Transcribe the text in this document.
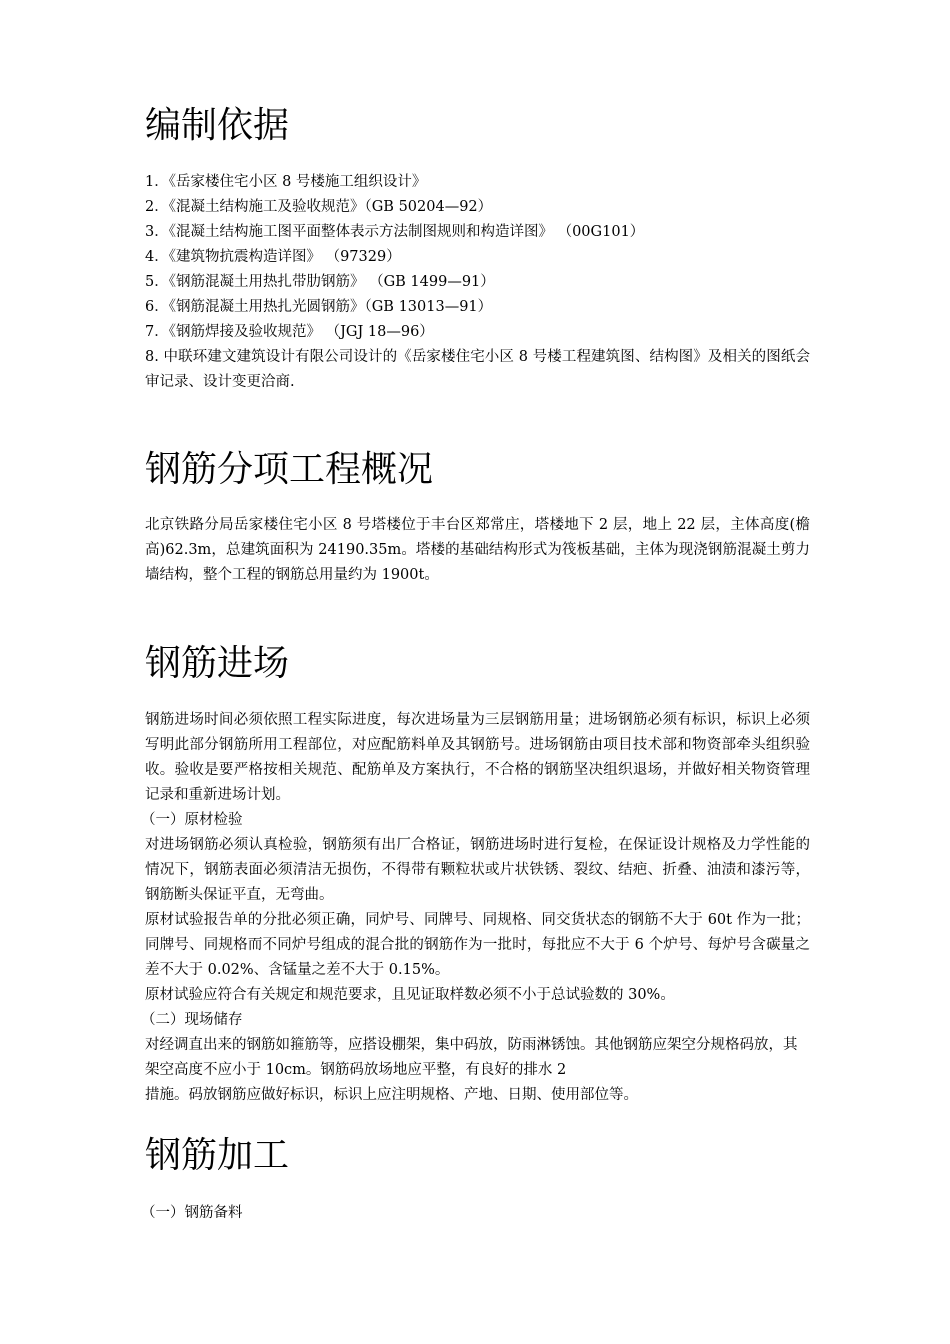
编制依据

1．《岳家楼住宅小区 8 号楼施工组织设计》

2．《混凝土结构施工及验收规范》（GB 50204—92）

3．《混凝土结构施工图平面整体表示方法制图规则和构造详图》 （00G101）

4．《建筑物抗震构造详图》 （97329）

5．《钢筋混凝土用热扎带肋钢筋》 （GB 1499—91）

6．《钢筋混凝土用热扎光圆钢筋》（GB 13013—91）

7．《钢筋焊接及验收规范》 （JGJ 18—96）

8. 中联环建文建筑设计有限公司设计的《岳家楼住宅小区 8 号楼工程建筑图、结构图》及相关的图纸会审记录、设计变更洽商.

钢筋分项工程概况

北京铁路分局岳家楼住宅小区 8 号塔楼位于丰台区郑常庄，塔楼地下 2 层，地上 22 层，主体高度(檐高)62.3m，总建筑面积为 24190.35m。塔楼的基础结构形式为筏板基础，主体为现浇钢筋混凝土剪力墙结构，整个工程的钢筋总用量约为 1900t。

钢筋进场

钢筋进场时间必须依照工程实际进度，每次进场量为三层钢筋用量；进场钢筋必须有标识，标识上必须写明此部分钢筋所用工程部位，对应配筋料单及其钢筋号。进场钢筋由项目技术部和物资部牵头组织验收。验收是要严格按相关规范、配筋单及方案执行，不合格的钢筋坚决组织退场，并做好相关物资管理记录和重新进场计划。

（一）原材检验

对进场钢筋必须认真检验，钢筋须有出厂合格证，钢筋进场时进行复检，在保证设计规格及力学性能的情况下，钢筋表面必须清洁无损伤，不得带有颗粒状或片状铁锈、裂纹、结疤、折叠、油渍和漆污等，钢筋断头保证平直，无弯曲。

原材试验报告单的分批必须正确，同炉号、同牌号、同规格、同交货状态的钢筋不大于 60t 作为一批；同牌号、同规格而不同炉号组成的混合批的钢筋作为一批时，每批应不大于 6 个炉号、每炉号含碳量之差不大于 0.02%、含锰量之差不大于 0.15%。

原材试验应符合有关规定和规范要求，且见证取样数必须不小于总试验数的 30%。

（二）现场储存

对经调直出来的钢筋如箍筋等，应搭设棚架，集中码放，防雨淋锈蚀。其他钢筋应架空分规格码放，其架空高度不应小于 10cm。钢筋码放场地应平整，有良好的排水 2

措施。码放钢筋应做好标识，标识上应注明规格、产地、日期、使用部位等。

钢筋加工

（一）钢筋备料
